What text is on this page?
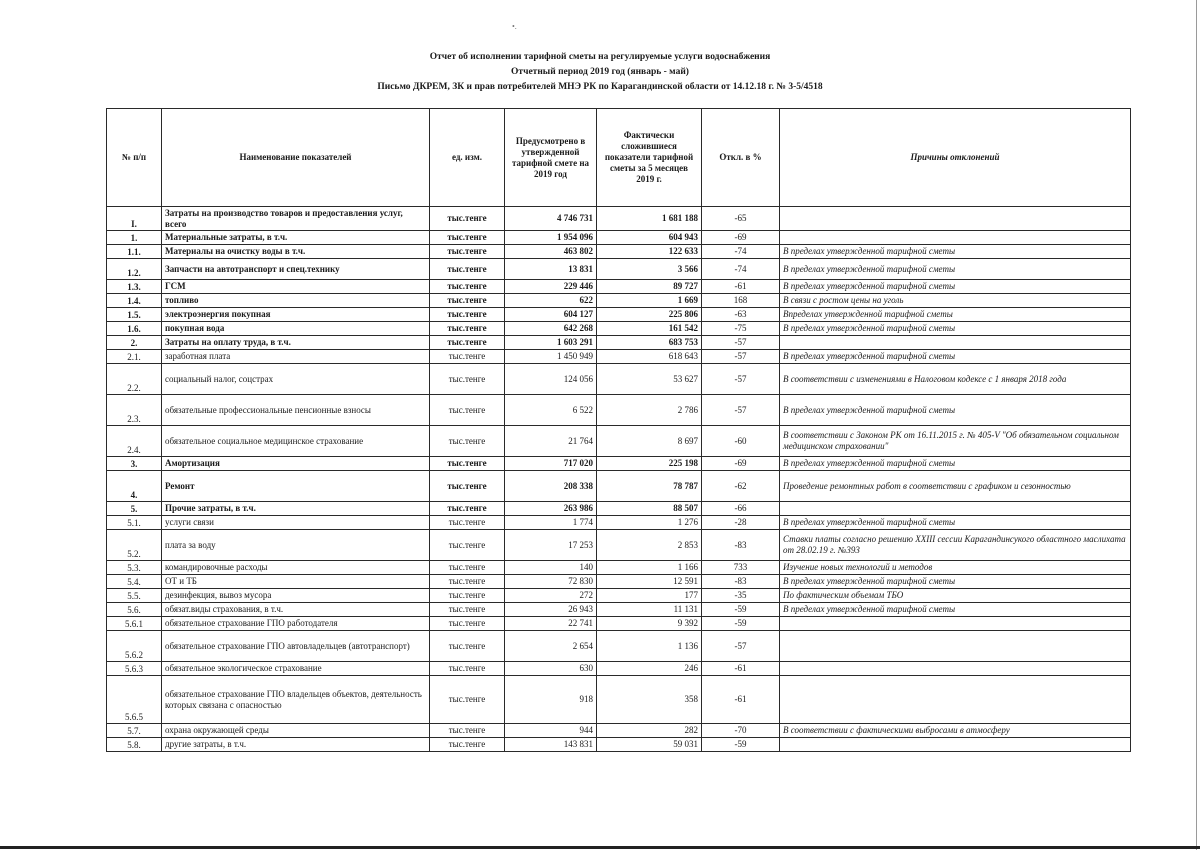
•.
Отчет об исполнении тарифной сметы на регулируемые услуги водоснабжения
Отчетный период 2019 год (январь - май)
Письмо ДКРЕМ, ЗК и прав потребителей МНЭ РК по Карагандинской области от 14.12.18 г. № 3-5/4518
№ п/п	Наименование показателей	ед. изм.	Предусмотрено в утвержденной тарифной смете на 2019 год	Фактически сложившиеся показатели тарифной сметы за 5 месяцев 2019 г.	Откл. в %	Причины отклонений
I.	Затраты на производство товаров и предоставления услуг, всего	тыс.тенге	4 746 731	1 681 188	-65	
1.	Материальные затраты, в т.ч.	тыс.тенге	1 954 096	604 943	-69	
1.1.	Материалы на очистку воды в т.ч.	тыс.тенге	463 802	122 633	-74	В пределах утвержденной тарифной сметы
1.2.	Запчасти на автотранспорт и спец.технику	тыс.тенге	13 831	3 566	-74	В пределах утвержденной тарифной сметы
1.3.	ГСМ	тыс.тенге	229 446	89 727	-61	В пределах утвержденной тарифной сметы
1.4.	топливо	тыс.тенге	622	1 669	168	В связи с ростом цены на уголь
1.5.	электроэнергия покупная	тыс.тенге	604 127	225 806	-63	Впределах утвержденной тарифной сметы
1.6.	покупная вода	тыс.тенге	642 268	161 542	-75	В пределах утвержденной тарифной сметы
2.	Затраты на оплату труда, в т.ч.	тыс.тенге	1 603 291	683 753	-57	
2.1.	заработная плата	тыс.тенге	1 450 949	618 643	-57	В пределах утвержденной тарифной сметы
2.2.	социальный налог, соцстрах	тыс.тенге	124 056	53 627	-57	В соответствии с изменениями в Налоговом кодексе с 1 января 2018 года
2.3.	обязательные профессиональные пенсионные взносы	тыс.тенге	6 522	2 786	-57	В пределах утвержденной тарифной сметы
2.4.	обязательное социальное медицинское страхование	тыс.тенге	21 764	8 697	-60	В соответствии с Законом РК от 16.11.2015 г. № 405-V "Об обязательном социальном медицинском страховании"
3.	Амортизация	тыс.тенге	717 020	225 198	-69	В пределах утвержденной тарифной сметы
4.	Ремонт	тыс.тенге	208 338	78 787	-62	Проведение ремонтных работ в соответствии с графиком и сезонностью
5.	Прочие затраты, в т.ч.	тыс.тенге	263 986	88 507	-66	
5.1.	услуги связи	тыс.тенге	1 774	1 276	-28	В пределах утвержденной тарифной сметы
5.2.	плата за воду	тыс.тенге	17 253	2 853	-83	Ставки платы согласно решению XXIII сессии Карагандинсукого областного маслихата от 28.02.19 г. №393
5.3.	командировочные расходы	тыс.тенге	140	1 166	733	Изучение новых технологий и методов
5.4.	ОТ и ТБ	тыс.тенге	72 830	12 591	-83	В пределах утвержденной тарифной сметы
5.5.	дезинфекция, вывоз мусора	тыс.тенге	272	177	-35	По фактическим объемам ТБО
5.6.	обязат.виды страхования, в т.ч.	тыс.тенге	26 943	11 131	-59	В пределах утвержденной тарифной сметы
5.6.1	обязательное страхование ГПО работодателя	тыс.тенге	22 741	9 392	-59	
5.6.2	обязательное страхование ГПО автовладельцев (автотранспорт)	тыс.тенге	2 654	1 136	-57	
5.6.3	обязательное экологическое страхование	тыс.тенге	630	246	-61	
5.6.5	обязательное страхование ГПО владельцев объектов, деятельность которых связана с опасностью	тыс.тенге	918	358	-61	
5.7.	охрана окружающей среды	тыс.тенге	944	282	-70	В соответствии с фактическими выбросами в атмосферу
5.8.	другие затраты, в т.ч.	тыс.тенге	143 831	59 031	-59	
